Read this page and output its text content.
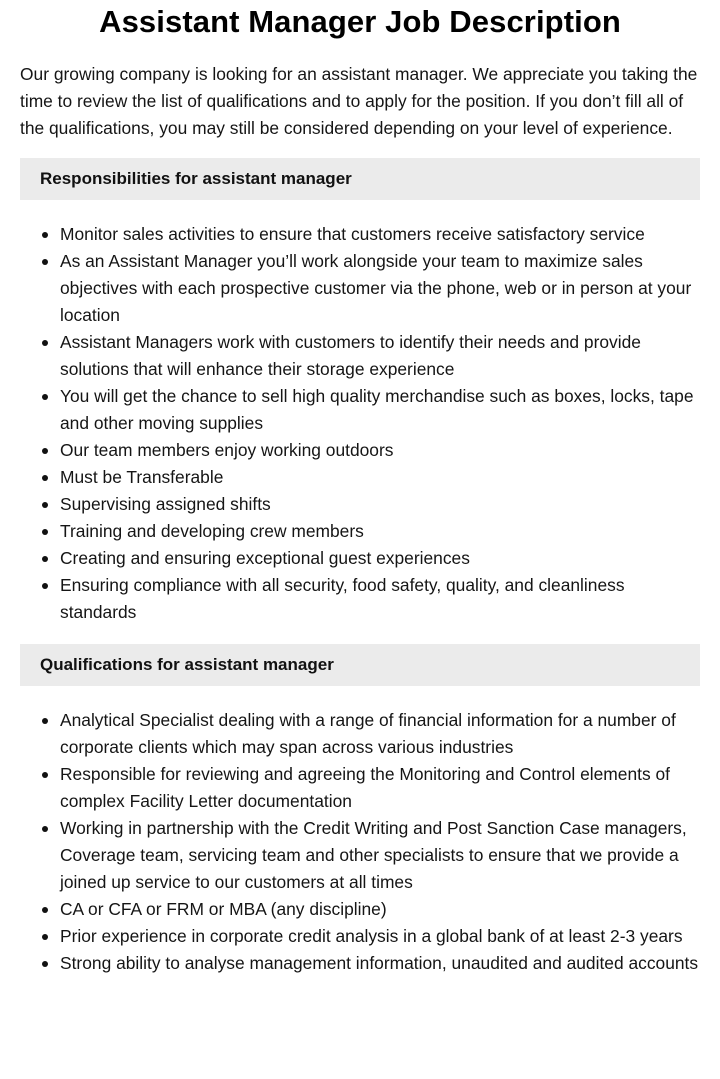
Assistant Manager Job Description

Our growing company is looking for an assistant manager. We appreciate you taking the time to review the list of qualifications and to apply for the position. If you don’t fill all of the qualifications, you may still be considered depending on your level of experience.

Responsibilities for assistant manager
Monitor sales activities to ensure that customers receive satisfactory service
As an Assistant Manager you’ll work alongside your team to maximize sales objectives with each prospective customer via the phone, web or in person at your location
Assistant Managers work with customers to identify their needs and provide solutions that will enhance their storage experience
You will get the chance to sell high quality merchandise such as boxes, locks, tape and other moving supplies
Our team members enjoy working outdoors
Must be Transferable
Supervising assigned shifts
Training and developing crew members
Creating and ensuring exceptional guest experiences
Ensuring compliance with all security, food safety, quality, and cleanliness standards
Qualifications for assistant manager
Analytical Specialist dealing with a range of financial information for a number of corporate clients which may span across various industries
Responsible for reviewing and agreeing the Monitoring and Control elements of complex Facility Letter documentation
Working in partnership with the Credit Writing and Post Sanction Case managers, Coverage team, servicing team and other specialists to ensure that we provide a joined up service to our customers at all times
CA or CFA or FRM or MBA (any discipline)
Prior experience in corporate credit analysis in a global bank of at least 2-3 years
Strong ability to analyse management information, unaudited and audited accounts
